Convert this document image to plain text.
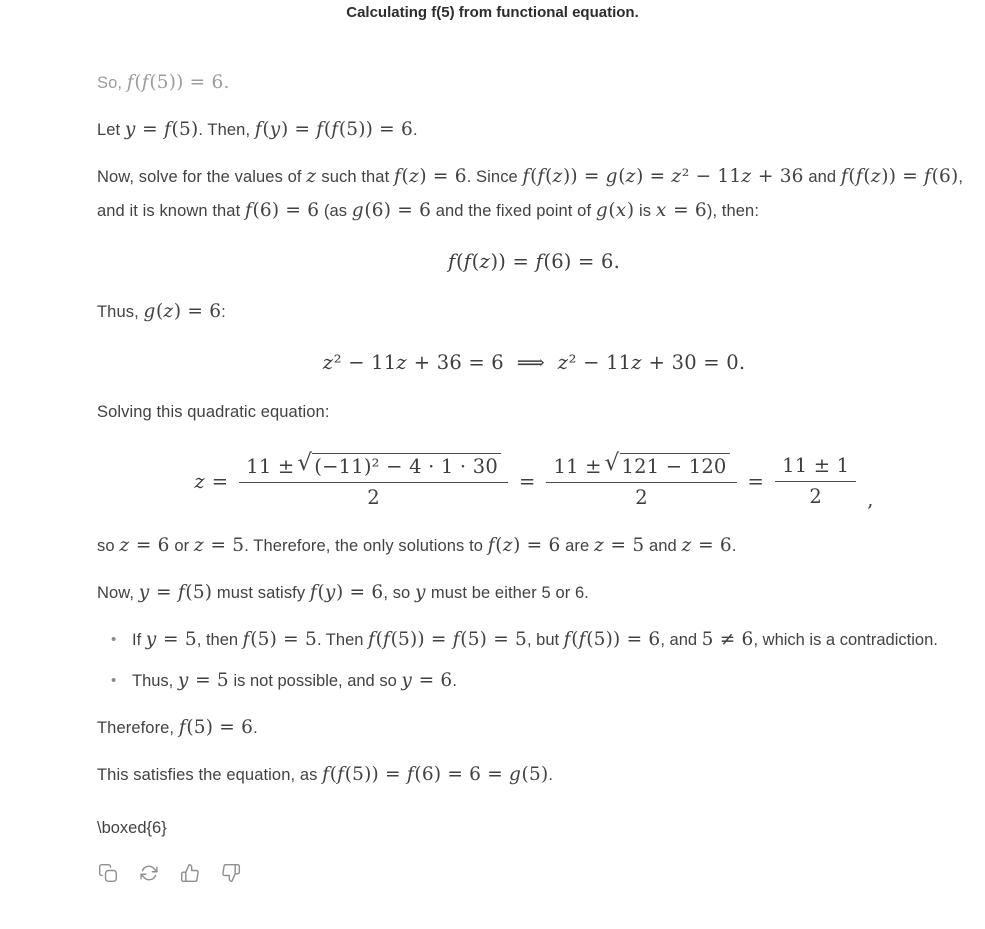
Calculating f(5) from functional equation.

So, f(f(5)) = 6.

Let y = f(5). Then, f(y) = f(f(5)) = 6.

Now, solve for the values of z such that f(z) = 6. Since f(f(z)) = g(z) = z² − 11z + 36 and f(f(z)) = f(6), and it is known that f(6) = 6 (as g(6) = 6 and the fixed point of g(x) is x = 6), then:

f(f(z)) = f(6) = 6.

Thus, g(z) = 6:

z² − 11z + 36 = 6 ⟹ z² − 11z + 30 = 0.

Solving this quadratic equation:

$z = \frac{\text{11 ± √ (−11)² − 4 · 1 · 30}}{2} = \frac{11 \pm √ 121 - 120}{2} = \frac{11 \pm 1}{2}$ ,

so z = 6 or z = 5. Therefore, the only solutions to f(z) = 6 are z = 5 and z = 6.

Now, y = f(5) must satisfy f(y) = 6, so y must be either 5 or 6.

• If y = 5, then f(5) = 5. Then f(f(5)) = f(5) = 5, but f(f(5)) = 6, and 5 ≠ 6, which is a contradiction.
• Thus, y = 5 is not possible, and so y = 6.

Therefore, f(5) = 6.

This satisfies the equation, as f(f(5)) = f(6) = 6 = g(5).

\boxed{6}
